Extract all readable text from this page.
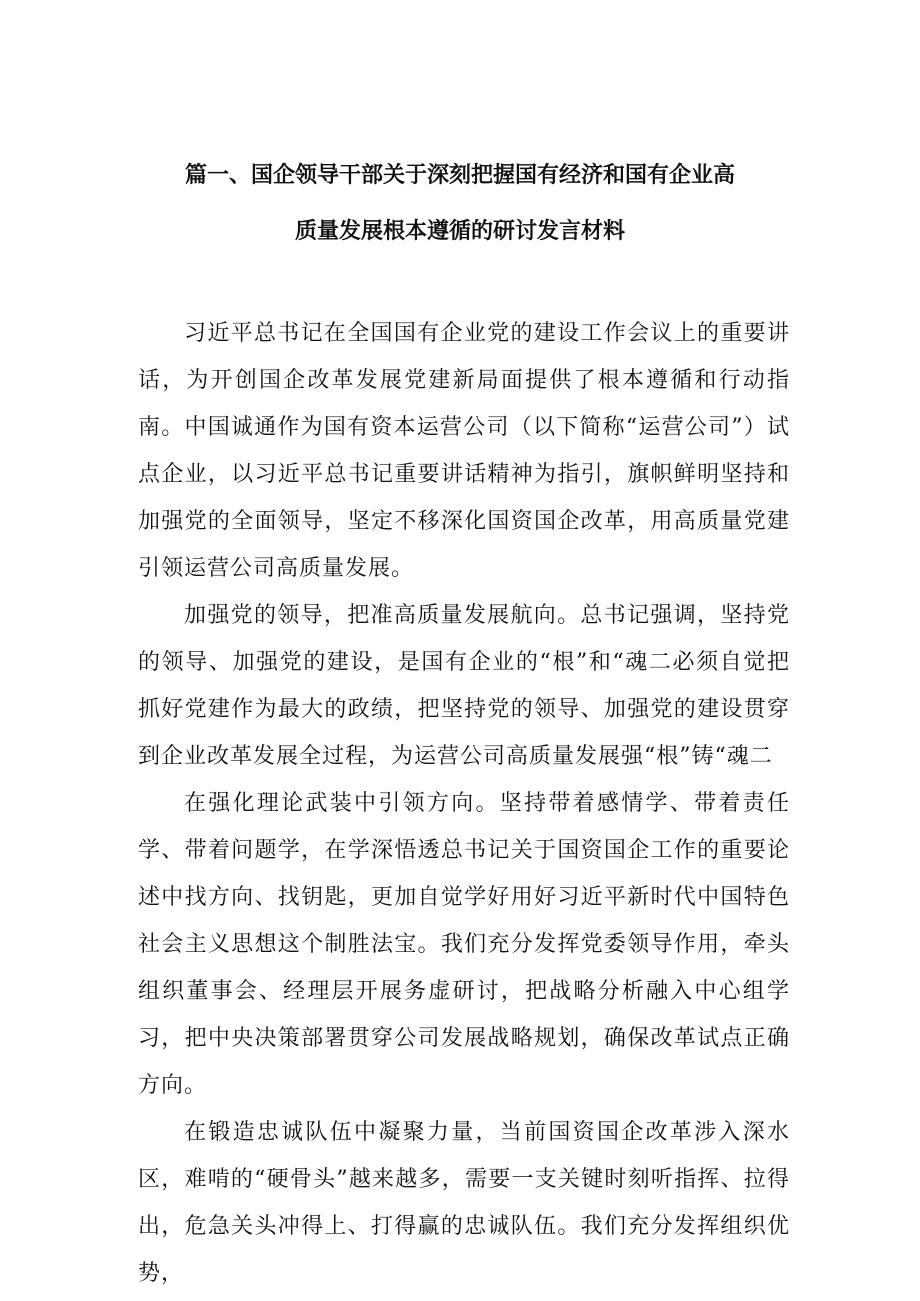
篇一、国企领导干部关于深刻把握国有经济和国有企业高
质量发展根本遵循的研讨发言材料

习近平总书记在全国国有企业党的建设工作会议上的重要讲话，为开创国企改革发展党建新局面提供了根本遵循和行动指南。中国诚通作为国有资本运营公司（以下简称“运营公司”）试点企业，以习近平总书记重要讲话精神为指引，旗帜鲜明坚持和加强党的全面领导，坚定不移深化国资国企改革，用高质量党建引领运营公司高质量发展。

加强党的领导，把准高质量发展航向。总书记强调，坚持党的领导、加强党的建设，是国有企业的“根”和“魂二必须自觉把抓好党建作为最大的政绩，把坚持党的领导、加强党的建设贯穿到企业改革发展全过程，为运营公司高质量发展强“根”铸“魂二

在强化理论武装中引领方向。坚持带着感情学、带着责任学、带着问题学，在学深悟透总书记关于国资国企工作的重要论述中找方向、找钥匙，更加自觉学好用好习近平新时代中国特色社会主义思想这个制胜法宝。我们充分发挥党委领导作用，牵头组织董事会、经理层开展务虚研讨，把战略分析融入中心组学习，把中央决策部署贯穿公司发展战略规划，确保改革试点正确方向。

在锻造忠诚队伍中凝聚力量，当前国资国企改革涉入深水区，难啃的“硬骨头”越来越多，需要一支关键时刻听指挥、拉得出，危急关头冲得上、打得赢的忠诚队伍。我们充分发挥组织优势，
